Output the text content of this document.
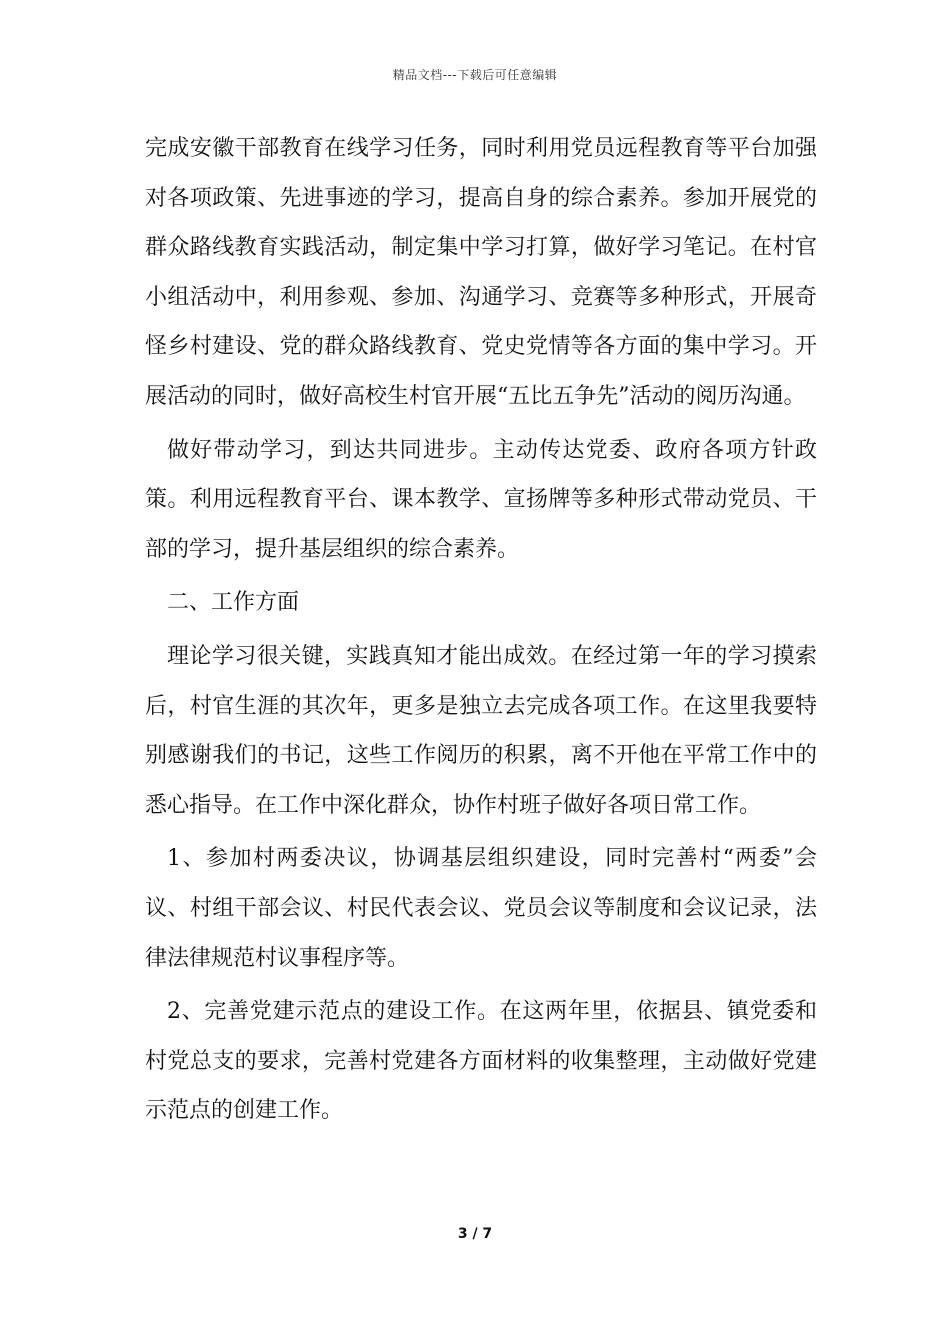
精品文档---下载后可任意编辑

完成安徽干部教育在线学习任务，同时利用党员远程教育等平台加强对各项政策、先进事迹的学习，提高自身的综合素养。参加开展党的群众路线教育实践活动，制定集中学习打算，做好学习笔记。在村官小组活动中，利用参观、参加、沟通学习、竞赛等多种形式，开展奇怪乡村建设、党的群众路线教育、党史党情等各方面的集中学习。开展活动的同时，做好高校生村官开展“五比五争先”活动的阅历沟通。

做好带动学习，到达共同进步。主动传达党委、政府各项方针政策。利用远程教育平台、课本教学、宣扬牌等多种形式带动党员、干部的学习，提升基层组织的综合素养。

二、工作方面

理论学习很关键，实践真知才能出成效。在经过第一年的学习摸索后，村官生涯的其次年，更多是独立去完成各项工作。在这里我要特别感谢我们的书记，这些工作阅历的积累，离不开他在平常工作中的悉心指导。在工作中深化群众，协作村班子做好各项日常工作。

1、参加村两委决议，协调基层组织建设，同时完善村“两委”会议、村组干部会议、村民代表会议、党员会议等制度和会议记录，法律法律规范村议事程序等。

2、完善党建示范点的建设工作。在这两年里，依据县、镇党委和村党总支的要求，完善村党建各方面材料的收集整理，主动做好党建示范点的创建工作。

3 / 7
